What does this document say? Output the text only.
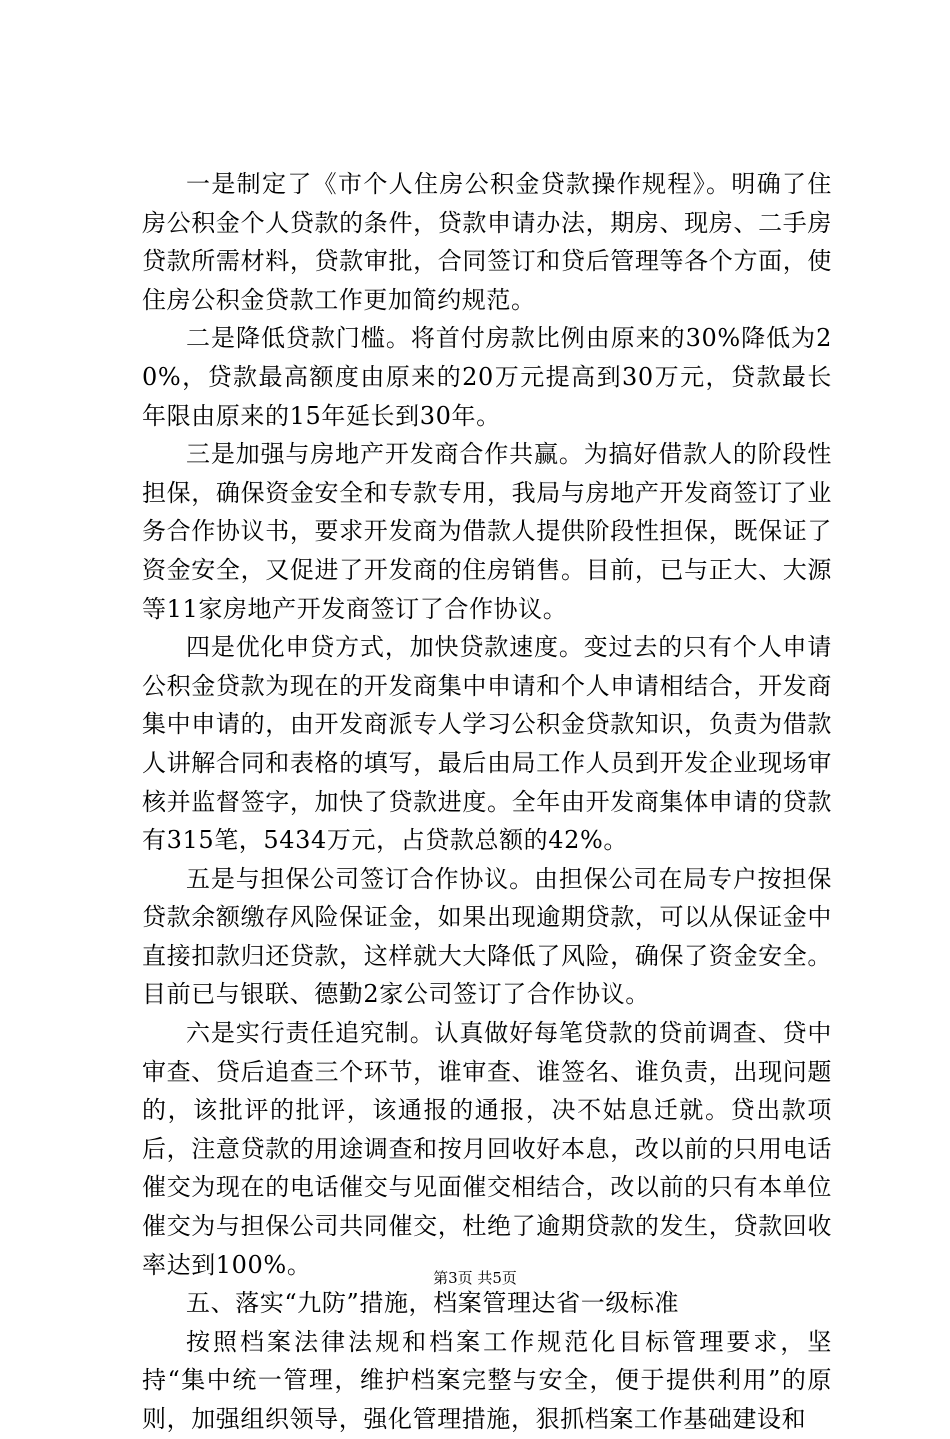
一是制定了《市个人住房公积金贷款操作规程》。明确了住房公积金个人贷款的条件，贷款申请办法，期房、现房、二手房贷款所需材料，贷款审批，合同签订和贷后管理等各个方面，使住房公积金贷款工作更加简约规范。

二是降低贷款门槛。将首付房款比例由原来的30%降低为20%，贷款最高额度由原来的20万元提高到30万元，贷款最长年限由原来的15年延长到30年。

三是加强与房地产开发商合作共赢。为搞好借款人的阶段性担保，确保资金安全和专款专用，我局与房地产开发商签订了业务合作协议书，要求开发商为借款人提供阶段性担保，既保证了资金安全，又促进了开发商的住房销售。目前，已与正大、大源等11家房地产开发商签订了合作协议。

四是优化申贷方式，加快贷款速度。变过去的只有个人申请公积金贷款为现在的开发商集中申请和个人申请相结合，开发商集中申请的，由开发商派专人学习公积金贷款知识，负责为借款人讲解合同和表格的填写，最后由局工作人员到开发企业现场审核并监督签字，加快了贷款进度。全年由开发商集体申请的贷款有315笔，5434万元，占贷款总额的42%。

五是与担保公司签订合作协议。由担保公司在局专户按担保贷款余额缴存风险保证金，如果出现逾期贷款，可以从保证金中直接扣款归还贷款，这样就大大降低了风险，确保了资金安全。目前已与银联、德勤2家公司签订了合作协议。

六是实行责任追究制。认真做好每笔贷款的贷前调查、贷中审查、贷后追查三个环节，谁审查、谁签名、谁负责，出现问题的，该批评的批评，该通报的通报，决不姑息迁就。贷出款项后，注意贷款的用途调查和按月回收好本息，改以前的只用电话催交为现在的电话催交与见面催交相结合，改以前的只有本单位催交为与担保公司共同催交，杜绝了逾期贷款的发生，贷款回收率达到100%。

五、落实“九防”措施，档案管理达省一级标准

按照档案法律法规和档案工作规范化目标管理要求，坚持“集中统一管理，维护档案完整与安全，便于提供利用”的原则，加强组织领导，强化管理措施，狠抓档案工作基础建设和

第3页 共5页
